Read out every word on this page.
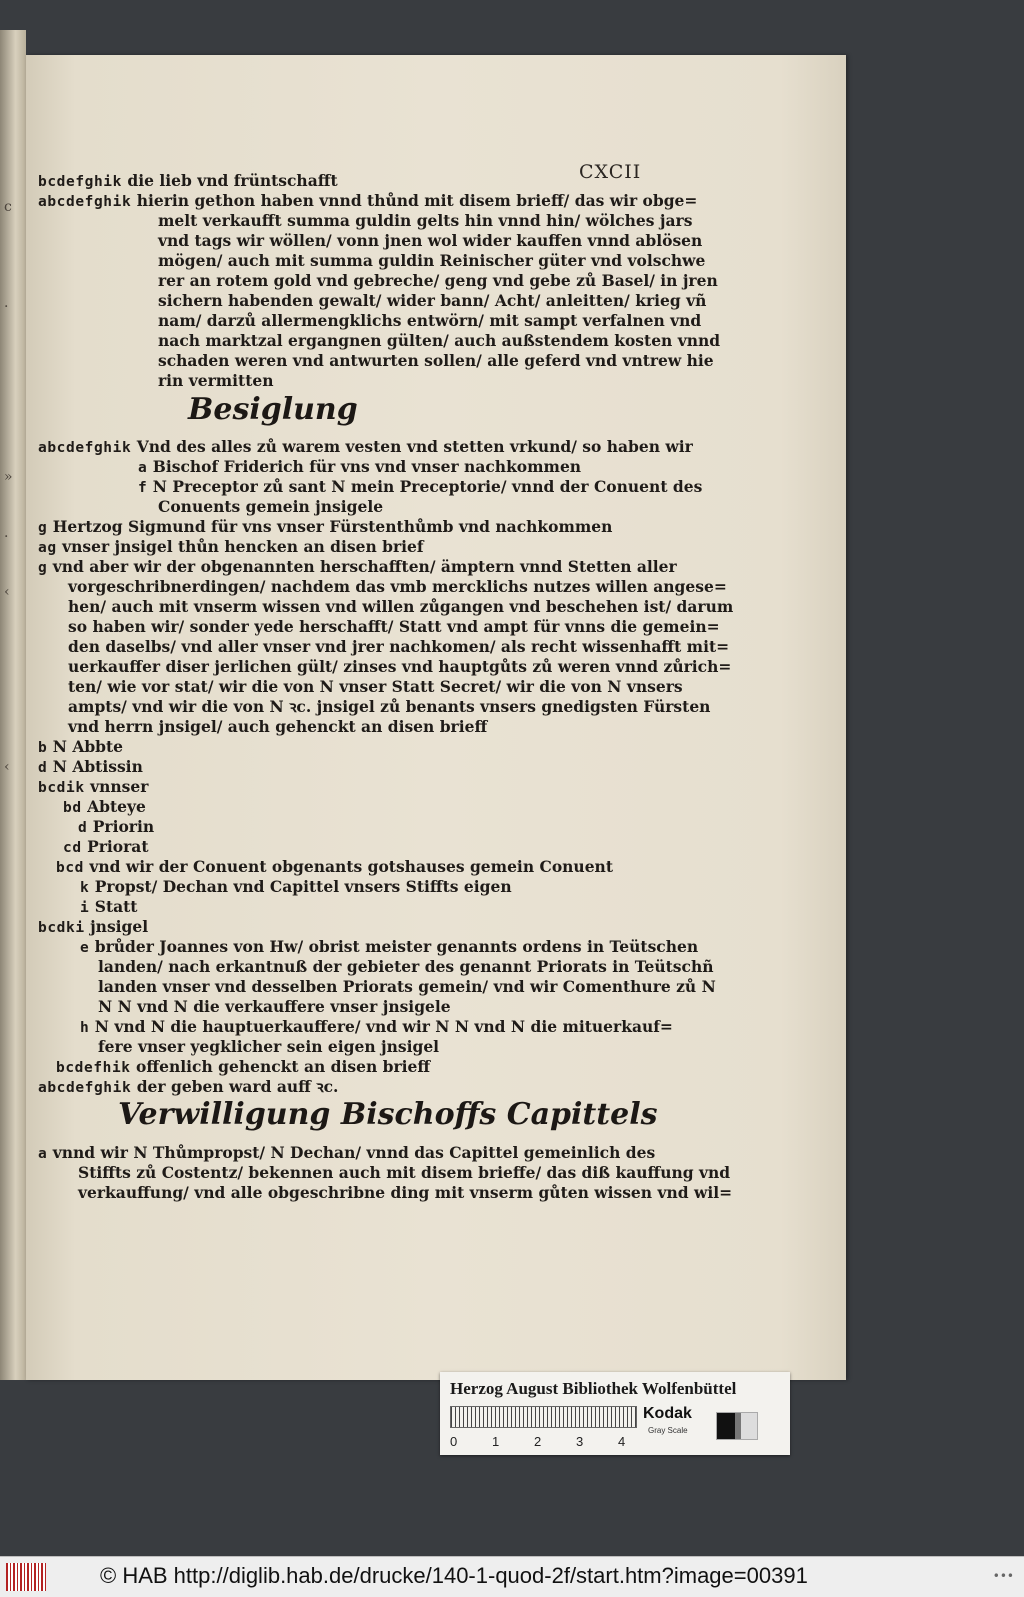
c
·
»
·
‹
‹
CXCII
bcdefghik die lieb vnd früntschafft
abcdefghik hierin gethon haben vnnd thůnd mit disem brieff/ das wir obge=
melt verkaufft summa guldin gelts hin vnnd hin/ wölches jars
vnd tags wir wöllen/ vonn jnen wol wider kauffen vnnd ablösen
mögen/ auch mit summa guldin Reinischer güter vnd volschwe
rer an rotem gold vnd gebreche/ geng vnd gebe zů Basel/ in jren
sichern habenden gewalt/ wider bann/ Acht/ anleitten/ krieg vñ
nam/ darzů allermengklichs entwörn/ mit sampt verfalnen vnd
nach marktzal ergangnen gülten/ auch außstendem kosten vnnd
schaden weren vnd antwurten sollen/ alle geferd vnd vntrew hie
rin vermitten
abcdefghik Vnd des alles zů warem vesten vnd stetten vrkund/ so haben wir
a Bischof Friderich für vns vnd vnser nachkommen
f N Preceptor zů sant N mein Preceptorie/ vnnd der Conuent des
Conuents gemein jnsigele
g Hertzog Sigmund für vns vnser Fürstenthůmb vnd nachkommen
ag vnser jnsigel thůn hencken an disen brief
g vnd aber wir der obgenannten herschafften/ ämptern vnnd Stetten aller
vorgeschribnerdingen/ nachdem das vmb mercklichs nutzes willen angese=
hen/ auch mit vnserm wissen vnd willen zůgangen vnd beschehen ist/ darum
so haben wir/ sonder yede herschafft/ Statt vnd ampt für vnns die gemein=
den daselbs/ vnd aller vnser vnd jrer nachkomen/ als recht wissenhafft mit=
uerkauffer diser jerlichen gült/ zinses vnd hauptgůts zů weren vnnd zůrich=
ten/ wie vor stat/ wir die von N vnser Statt Secret/ wir die von N vnsers
ampts/ vnd wir die von N ꝛc. jnsigel zů benants vnsers gnedigsten Fürsten
vnd herrn jnsigel/ auch gehenckt an disen brieff
b N Abbte
d N Abtissin
bcdik vnnser
bd Abteye
d Priorin
cd Priorat
bcd vnd wir der Conuent obgenants gotshauses gemein Conuent
k Propst/ Dechan vnd Capittel vnsers Stiffts eigen
i Statt
bcdki jnsigel
e brůder Joannes von Hw/ obrist meister genannts ordens in Teütschen
landen/ nach erkantnuß der gebieter des genannt Priorats in Teütschñ
landen vnser vnd desselben Priorats gemein/ vnd wir Comenthure zů N
N N vnd N die verkauffere vnser jnsigele
h N vnd N die hauptuerkauffere/ vnd wir N N vnd N die mituerkauf=
fere vnser yegklicher sein eigen jnsigel
bcdefhik offenlich gehenckt an disen brieff
abcdefghik der geben ward auff ꝛc.
a vnnd wir N Thůmpropst/ N Dechan/ vnnd das Capittel gemeinlich des
Stiffts zů Costentz/ bekennen auch mit disem brieffe/ das diß kauffung vnd
verkauffung/ vnd alle obgeschribne ding mit vnserm gůten wissen vnd wil=
Besiglung
Verwilligung Bischoffs Capittels
Herzog August Bibliothek Wolfenbüttel
0	1	2	3	4
Kodak
Gray Scale
© HAB http://diglib.hab.de/drucke/140-1-quod-2f/start.htm?image=00391	•••
